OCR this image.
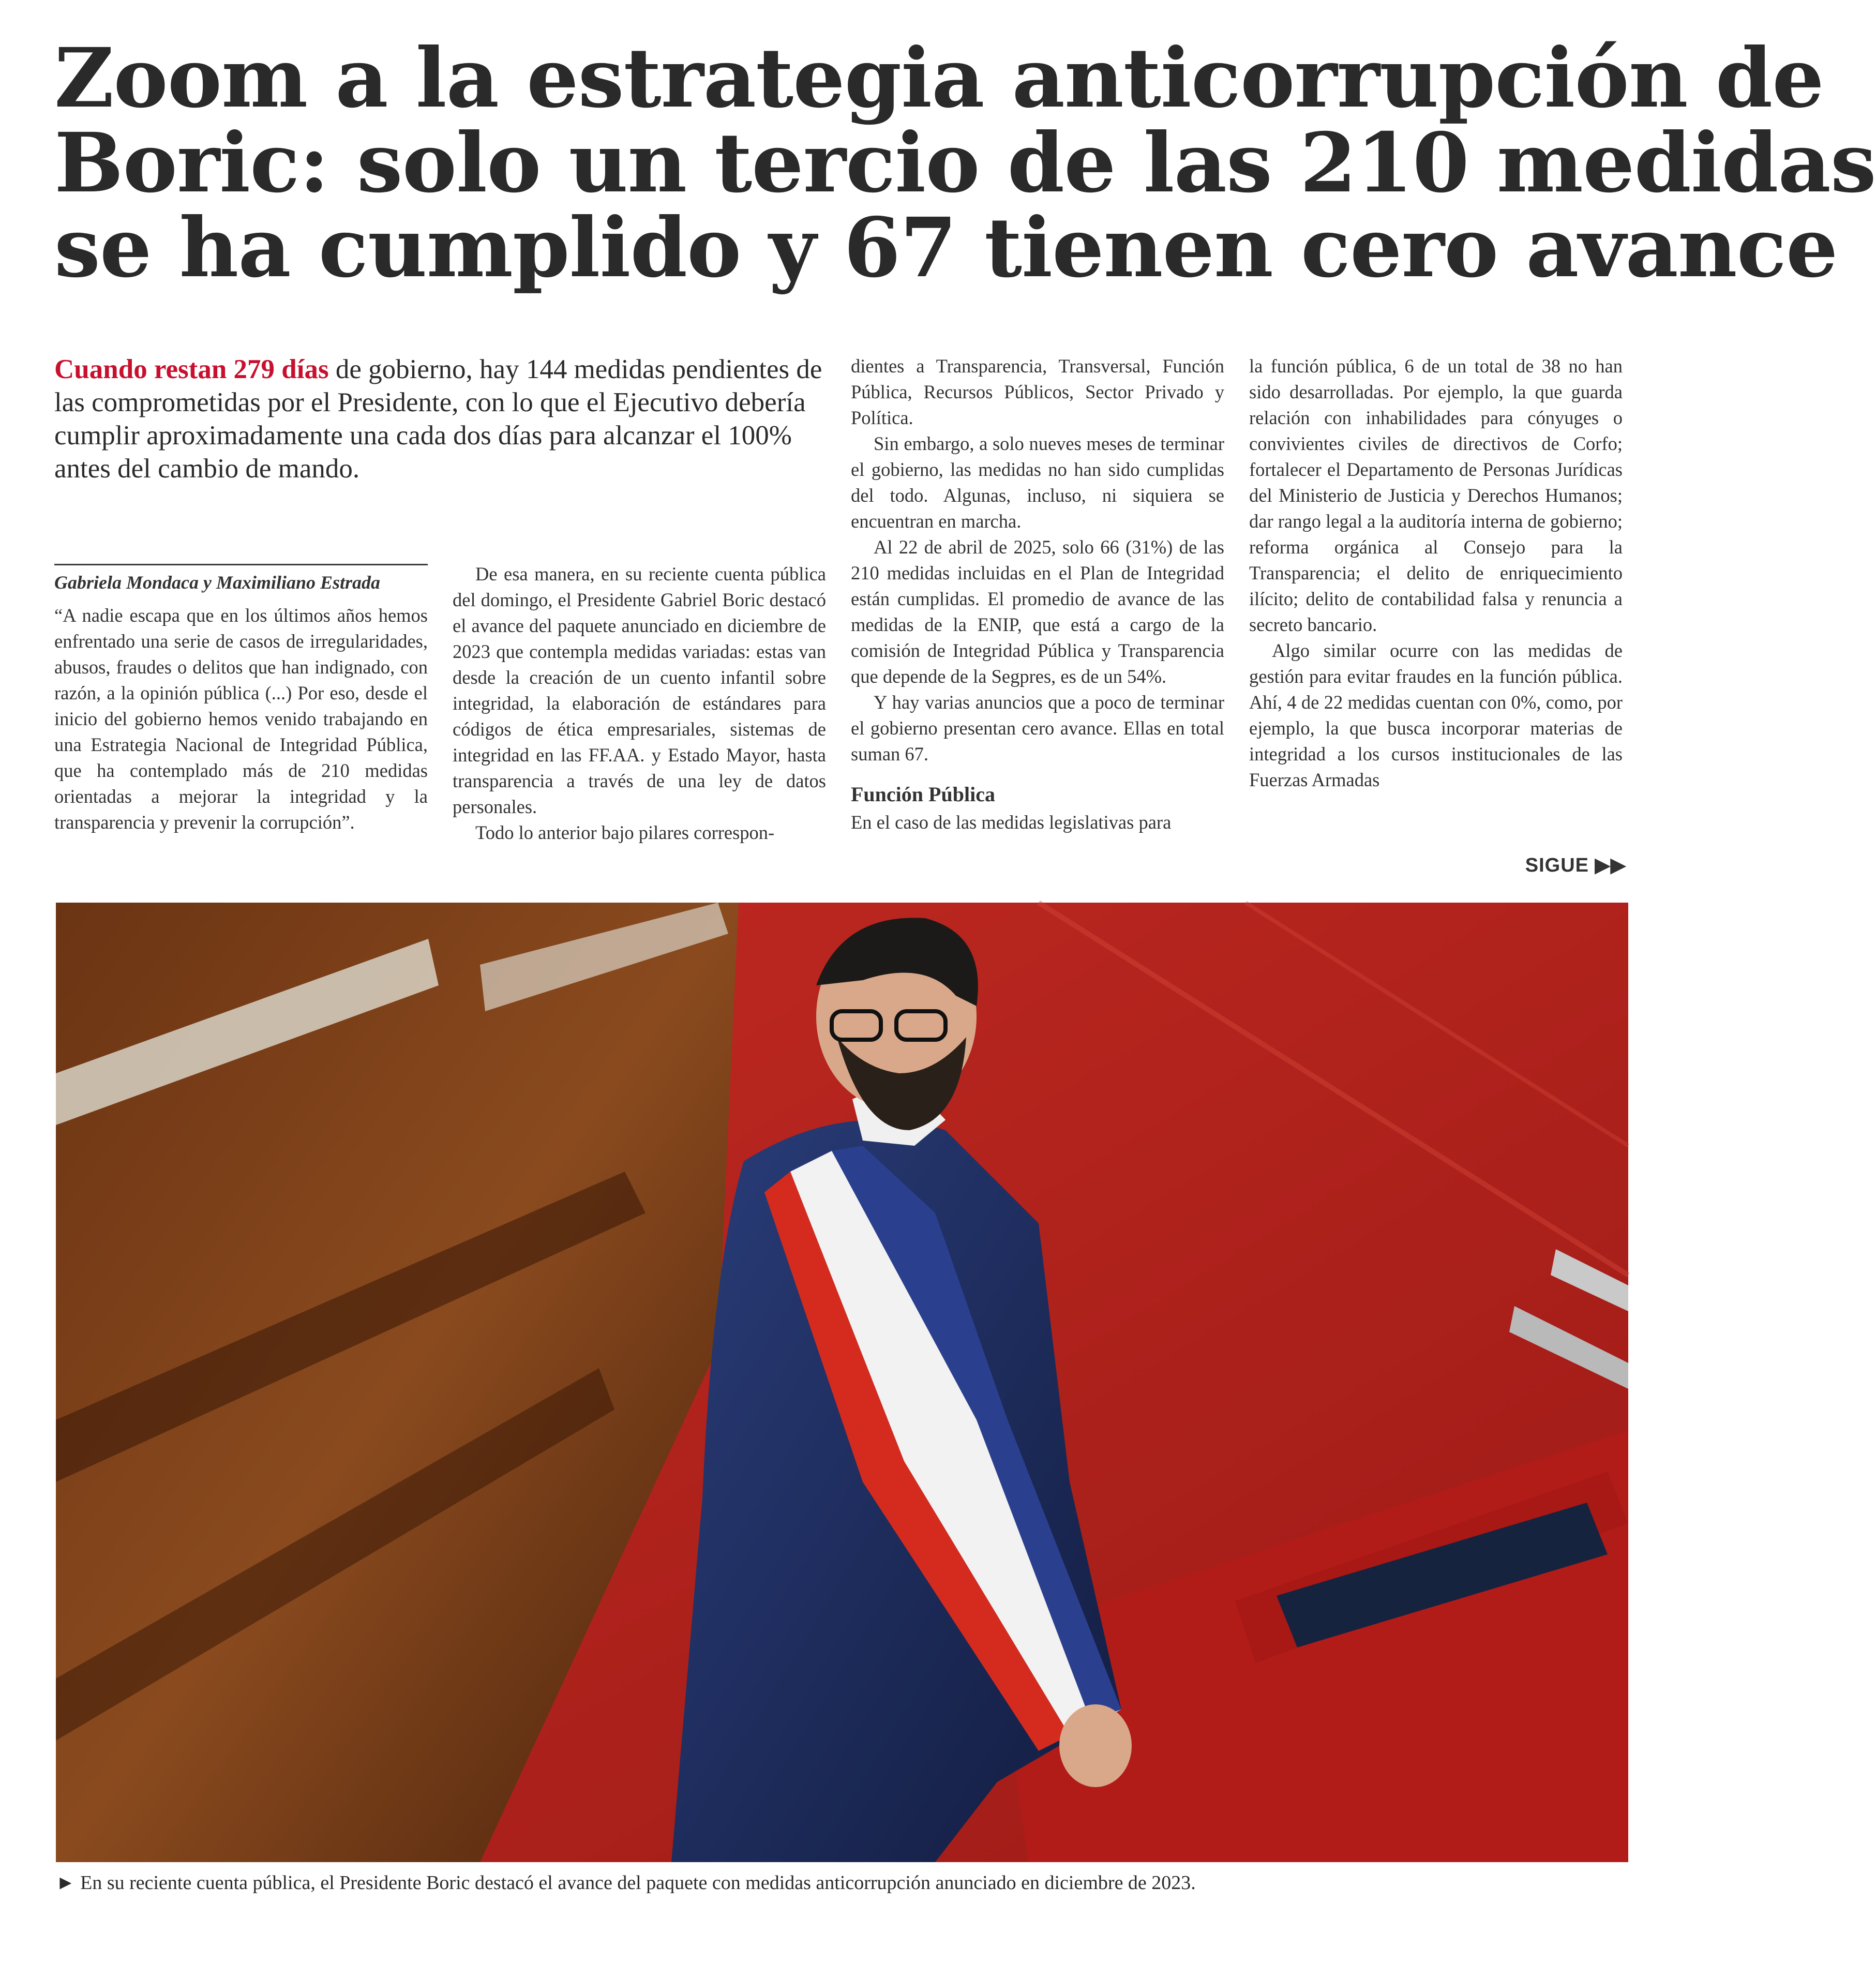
Zoom a la estrategia anticorrupción de
Boric: solo un tercio de las 210 medidas
se ha cumplido y 67 tienen cero avance

Cuando restan 279 días de gobierno, hay 144 medidas pendientes de las comprometidas por el Presidente, con lo que el Ejecutivo debería cumplir aproximadamente una cada dos días para alcanzar el 100% antes del cambio de mando.

Gabriela Mondaca y Maximiliano Estrada

“A nadie escapa que en los últimos años hemos enfrentado una serie de casos de irregularidades, abusos, fraudes o delitos que han indignado, con razón, a la opinión pública (...) Por eso, desde el inicio del gobierno hemos venido trabajando en una Estrategia Nacional de Integridad Pública, que ha contemplado más de 210 medidas orientadas a mejorar la integridad y la transparencia y prevenir la corrupción”.

De esa manera, en su reciente cuenta pública del domingo, el Presidente Gabriel Boric destacó el avance del paquete anunciado en diciembre de 2023 que contempla medidas variadas: estas van desde la creación de un cuento infantil sobre integridad, la elaboración de estándares para códigos de ética empresariales, sistemas de integridad en las FF.AA. y Estado Mayor, hasta transparencia a través de una ley de datos personales.

Todo lo anterior bajo pilares correspon-

dientes a Transparencia, Transversal, Función Pública, Recursos Públicos, Sector Privado y Política.

Sin embargo, a solo nueves meses de terminar el gobierno, las medidas no han sido cumplidas del todo. Algunas, incluso, ni siquiera se encuentran en marcha.

Al 22 de abril de 2025, solo 66 (31%) de las 210 medidas incluidas en el Plan de Integridad están cumplidas. El promedio de avance de las medidas de la ENIP, que está a cargo de la comisión de Integridad Pública y Transparencia que depende de la Segpres, es de un 54%.

Y hay varias anuncios que a poco de terminar el gobierno presentan cero avance. Ellas en total suman 67.

Función Pública

En el caso de las medidas legislativas para

la función pública, 6 de un total de 38 no han sido desarrolladas. Por ejemplo, la que guarda relación con inhabilidades para cónyuges o convivientes civiles de directivos de Corfo; fortalecer el Departamento de Personas Jurídicas del Ministerio de Justicia y Derechos Humanos; dar rango legal a la auditoría interna de gobierno; reforma orgánica al Consejo para la Transparencia; el delito de enriquecimiento ilícito; delito de contabilidad falsa y renuncia a secreto bancario.

Algo similar ocurre con las medidas de gestión para evitar fraudes en la función pública. Ahí, 4 de 22 medidas cuentan con 0%, como, por ejemplo, la que busca incorporar materias de integridad a los cursos institucionales de las Fuerzas Armadas

SIGUE ▶▶
► En su reciente cuenta pública, el Presidente Boric destacó el avance del paquete con medidas anticorrupción anunciado en diciembre de 2023.
